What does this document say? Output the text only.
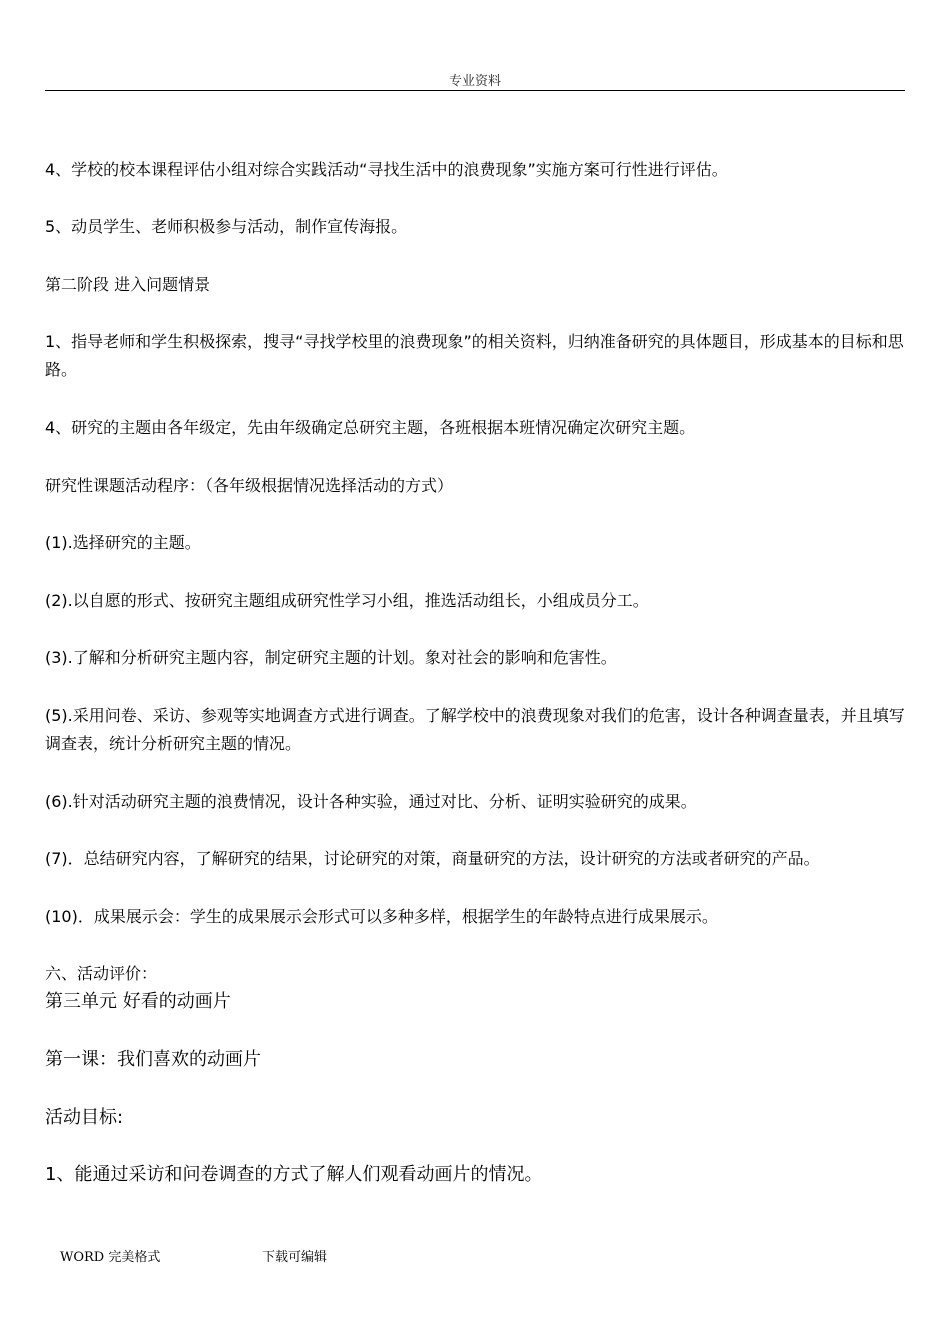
专业资料

4、学校的校本课程评估小组对综合实践活动“寻找生活中的浪费现象”实施方案可行性进行评估。

5、动员学生、老师积极参与活动，制作宣传海报。

第二阶段 进入问题情景

1、指导老师和学生积极探索，搜寻“寻找学校里的浪费现象”的相关资料，归纳准备研究的具体题目，形成基本的目标和思路。

4、研究的主题由各年级定，先由年级确定总研究主题，各班根据本班情况确定次研究主题。

研究性课题活动程序：（各年级根据情况选择活动的方式）

(1).选择研究的主题。

(2).以自愿的形式、按研究主题组成研究性学习小组，推选活动组长，小组成员分工。

(3).了解和分析研究主题内容，制定研究主题的计划。象对社会的影响和危害性。

(5).采用问卷、采访、参观等实地调查方式进行调查。了解学校中的浪费现象对我们的危害，设计各种调查量表，并且填写调查表，统计分析研究主题的情况。

(6).针对活动研究主题的浪费情况，设计各种实验，通过对比、分析、证明实验研究的成果。

(7)．总结研究内容，了解研究的结果，讨论研究的对策，商量研究的方法，设计研究的方法或者研究的产品。

(10)．成果展示会：学生的成果展示会形式可以多种多样，根据学生的年龄特点进行成果展示。

六、活动评价：

第三单元 好看的动画片

第一课：我们喜欢的动画片

活动目标:

1、能通过采访和问卷调查的方式了解人们观看动画片的情况。

WORD 完美格式	下载可编辑
